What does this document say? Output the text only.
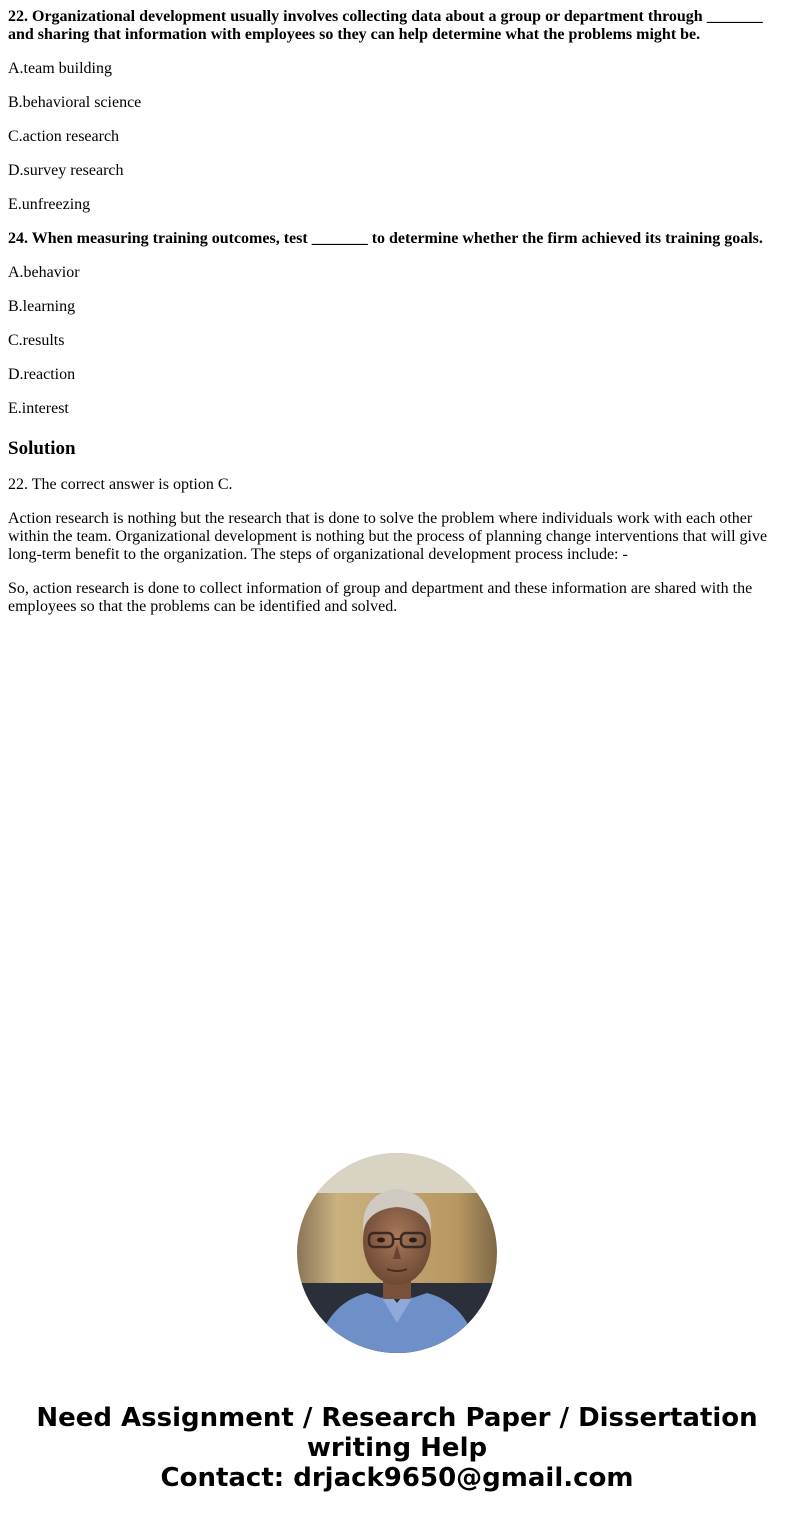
22. Organizational development usually involves collecting data about a group or department through _______ and sharing that information with employees so they can help determine what the problems might be.
A.team building
B.behavioral science
C.action research
D.survey research
E.unfreezing
24. When measuring training outcomes, test _______ to determine whether the firm achieved its training goals.
A.behavior
B.learning
C.results
D.reaction
E.interest
Solution
22. The correct answer is option C.
Action research is nothing but the research that is done to solve the problem where individuals work with each other within the team. Organizational development is nothing but the process of planning change interventions that will give long-term benefit to the organization. The steps of organizational development process include: -
So, action research is done to collect information of group and department and these information are shared with the employees so that the problems can be identified and solved.
Need Assignment / Research Paper / Dissertation
writing Help
Contact: drjack9650@gmail.com
